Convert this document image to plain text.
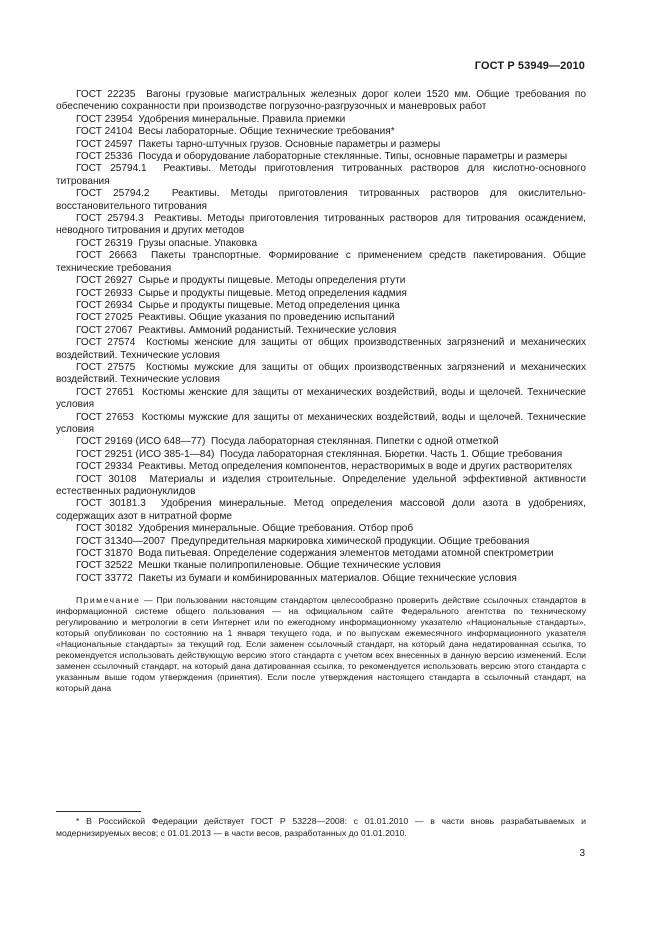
ГОСТ Р 53949—2010

ГОСТ 22235 Вагоны грузовые магистральных железных дорог колеи 1520 мм. Общие требования по обеспечению сохранности при производстве погрузочно-разгрузочных и маневровых работ

ГОСТ 23954 Удобрения минеральные. Правила приемки

ГОСТ 24104 Весы лабораторные. Общие технические требования*

ГОСТ 24597 Пакеты тарно-штучных грузов. Основные параметры и размеры

ГОСТ 25336 Посуда и оборудование лабораторные стеклянные. Типы, основные параметры и размеры

ГОСТ 25794.1 Реактивы. Методы приготовления титрованных растворов для кислотно-основного титрования

ГОСТ 25794.2 Реактивы. Методы приготовления титрованных растворов для окислительно-восстановительного титрования

ГОСТ 25794.3 Реактивы. Методы приготовления титрованных растворов для титрования осаждением, неводного титрования и других методов

ГОСТ 26319 Грузы опасные. Упаковка

ГОСТ 26663 Пакеты транспортные. Формирование с применением средств пакетирования. Общие технические требования

ГОСТ 26927 Сырье и продукты пищевые. Методы определения ртути

ГОСТ 26933 Сырье и продукты пищевые. Метод определения кадмия

ГОСТ 26934 Сырье и продукты пищевые. Метод определения цинка

ГОСТ 27025 Реактивы. Общие указания по проведению испытаний

ГОСТ 27067 Реактивы. Аммоний роданистый. Технические условия

ГОСТ 27574 Костюмы женские для защиты от общих производственных загрязнений и механических воздействий. Технические условия

ГОСТ 27575 Костюмы мужские для защиты от общих производственных загрязнений и механических воздействий. Технические условия

ГОСТ 27651 Костюмы женские для защиты от механических воздействий, воды и щелочей. Технические условия

ГОСТ 27653 Костюмы мужские для защиты от механических воздействий, воды и щелочей. Технические условия

ГОСТ 29169 (ИСО 648—77) Посуда лабораторная стеклянная. Пипетки с одной отметкой

ГОСТ 29251 (ИСО 385-1—84) Посуда лабораторная стеклянная. Бюретки. Часть 1. Общие требования

ГОСТ 29334 Реактивы. Метод определения компонентов, нерастворимых в воде и других растворителях

ГОСТ 30108 Материалы и изделия строительные. Определение удельной эффективной активности естественных радионуклидов

ГОСТ 30181.3 Удобрения минеральные. Метод определения массовой доли азота в удобрениях, содержащих азот в нитратной форме

ГОСТ 30182 Удобрения минеральные. Общие требования. Отбор проб

ГОСТ 31340—2007 Предупредительная маркировка химической продукции. Общие требования

ГОСТ 31870 Вода питьевая. Определение содержания элементов методами атомной спектрометрии

ГОСТ 32522 Мешки тканые полипропиленовые. Общие технические условия

ГОСТ 33772 Пакеты из бумаги и комбинированных материалов. Общие технические условия

Примечание — При пользовании настоящим стандартом целесообразно проверить действие ссылочных стандартов в информационной системе общего пользования — на официальном сайте Федерального агентства по техническому регулированию и метрологии в сети Интернет или по ежегодному информационному указателю «Национальные стандарты», который опубликован по состоянию на 1 января текущего года, и по выпускам ежемесячного информационного указателя «Национальные стандарты» за текущий год. Если заменен ссылочный стандарт, на который дана недатированная ссылка, то рекомендуется использовать действующую версию этого стандарта с учетом всех внесенных в данную версию изменений. Если заменен ссылочный стандарт, на который дана датированная ссылка, то рекомендуется использовать версию этого стандарта с указанным выше годом утверждения (принятия). Если после утверждения настоящего стандарта в ссылочный стандарт, на который дана
* В Российской Федерации действует ГОСТ Р 53228—2008: с 01.01.2010 — в части вновь разрабатываемых и модернизируемых весов; с 01.01.2013 — в части весов, разработанных до 01.01.2010.
3
